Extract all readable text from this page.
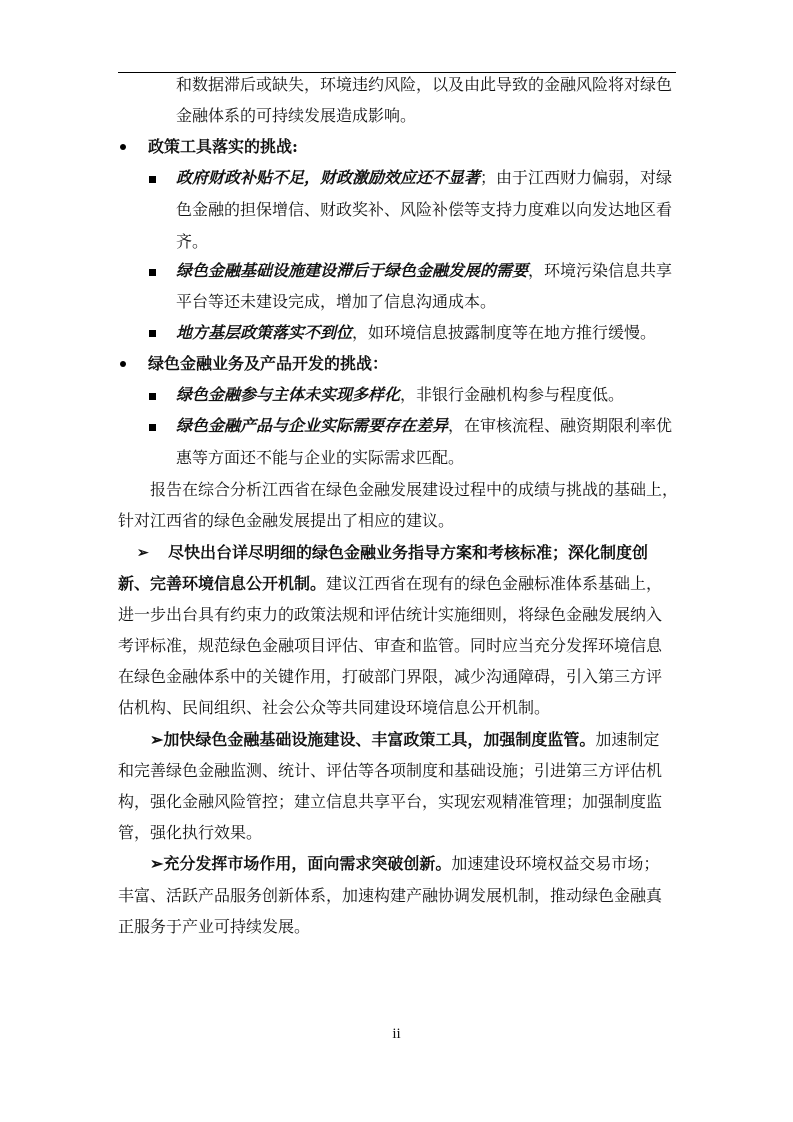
和数据滞后或缺失，环境违约风险，以及由此导致的金融风险将对绿色
金融体系的可持续发展造成影响。
政策工具落实的挑战:
政府财政补贴不足，财政激励效应还不显著；由于江西财力偏弱，对绿
色金融的担保增信、财政奖补、风险补偿等支持力度难以向发达地区看
齐。
绿色金融基础设施建设滞后于绿色金融发展的需要，环境污染信息共享
平台等还未建设完成，增加了信息沟通成本。
地方基层政策落实不到位，如环境信息披露制度等在地方推行缓慢。
绿色金融业务及产品开发的挑战：
绿色金融参与主体未实现多样化，非银行金融机构参与程度低。
绿色金融产品与企业实际需要存在差异，在审核流程、融资期限利率优
惠等方面还不能与企业的实际需求匹配。
报告在综合分析江西省在绿色金融发展建设过程中的成绩与挑战的基础上，
针对江西省的绿色金融发展提出了相应的建议。
➢ 尽快出台详尽明细的绿色金融业务指导方案和考核标准；深化制度创
新、完善环境信息公开机制。建议江西省在现有的绿色金融标准体系基础上，
进一步出台具有约束力的政策法规和评估统计实施细则，将绿色金融发展纳入
考评标准，规范绿色金融项目评估、审查和监管。同时应当充分发挥环境信息
在绿色金融体系中的关键作用，打破部门界限，减少沟通障碍，引入第三方评
估机构、民间组织、社会公众等共同建设环境信息公开机制。
➢加快绿色金融基础设施建设、丰富政策工具，加强制度监管。加速制定
和完善绿色金融监测、统计、评估等各项制度和基础设施；引进第三方评估机
构，强化金融风险管控；建立信息共享平台，实现宏观精准管理；加强制度监
管，强化执行效果。
➢充分发挥市场作用，面向需求突破创新。加速建设环境权益交易市场；
丰富、活跃产品服务创新体系，加速构建产融协调发展机制，推动绿色金融真
正服务于产业可持续发展。
ii
